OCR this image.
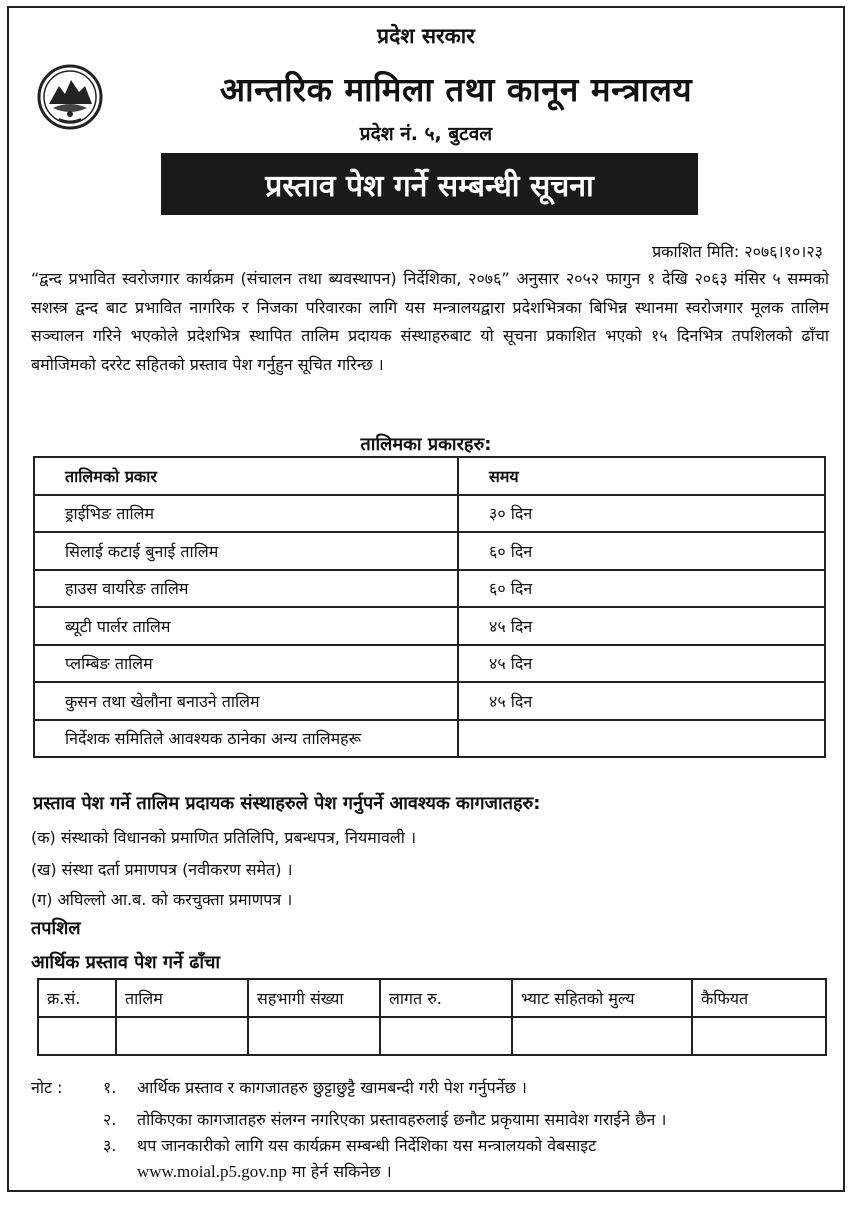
प्रदेश सरकार
आन्तरिक मामिला तथा कानून मन्त्रालय
प्रदेश नं. ५, बुटवल
प्रस्ताव पेश गर्ने सम्बन्धी सूचना
प्रकाशित मिति: २०७६।१०।२३
“द्वन्द प्रभावित स्वरोजगार कार्यक्रम (संचालन तथा ब्यवस्थापन) निर्देशिका, २०७६” अनुसार २०५२ फागुन १ देखि २०६३ मंसिर ५ सम्मको सशस्त्र द्वन्द बाट प्रभावित नागरिक र निजका परिवारका लागि यस मन्त्रालयद्वारा प्रदेशभित्रका बिभिन्न स्थानमा स्वरोजगार मूलक तालिम सञ्चालन गरिने भएकोले प्रदेशभित्र स्थापित तालिम प्रदायक संस्थाहरुबाट यो सूचना प्रकाशित भएको १५ दिनभित्र तपशिलको ढाँचा बमोजिमको दररेट सहितको प्रस्ताव पेश गर्नुहुन सूचित गरिन्छ ।
तालिमका प्रकारहरु:
तालिमको प्रकार	समय
ड्राईभिङ तालिम	३० दिन
सिलाई कटाई बुनाई तालिम	६० दिन
हाउस वायरिङ तालिम	६० दिन
ब्यूटी पार्लर तालिम	४५ दिन
प्लम्बिङ तालिम	४५ दिन
कुसन तथा खेलौना बनाउने तालिम	४५ दिन
निर्देशक समितिले आवश्यक ठानेका अन्य तालिमहरू	
प्रस्ताव पेश गर्ने तालिम प्रदायक संस्थाहरुले पेश गर्नुपर्ने आवश्यक कागजातहरु:
(क) संस्थाको विधानको प्रमाणित प्रतिलिपि, प्रबन्धपत्र, नियमावली ।
(ख) संस्था दर्ता प्रमाणपत्र (नवीकरण समेत) ।
(ग) अघिल्लो आ.ब. को करचुक्ता प्रमाणपत्र ।
तपशिल
आर्थिक प्रस्ताव पेश गर्ने ढाँचा
क्र.सं.	तालिम	सहभागी संख्या	लागत रु.	भ्याट सहितको मुल्य	कैफियत

नोट :	१. आर्थिक प्रस्ताव र कागजातहरु छुट्टाछुट्टै खामबन्दी गरी पेश गर्नुपर्नेछ ।
२. तोकिएका कागजातहरु संलग्न नगरिएका प्रस्तावहरुलाई छनौट प्रकृयामा समावेश गराईने छैन ।
३. थप जानकारीको लागि यस कार्यक्रम सम्बन्धी निर्देशिका यस मन्त्रालयको वेबसाइट
www.moial.p5.gov.np मा हेर्न सकिनेछ ।
